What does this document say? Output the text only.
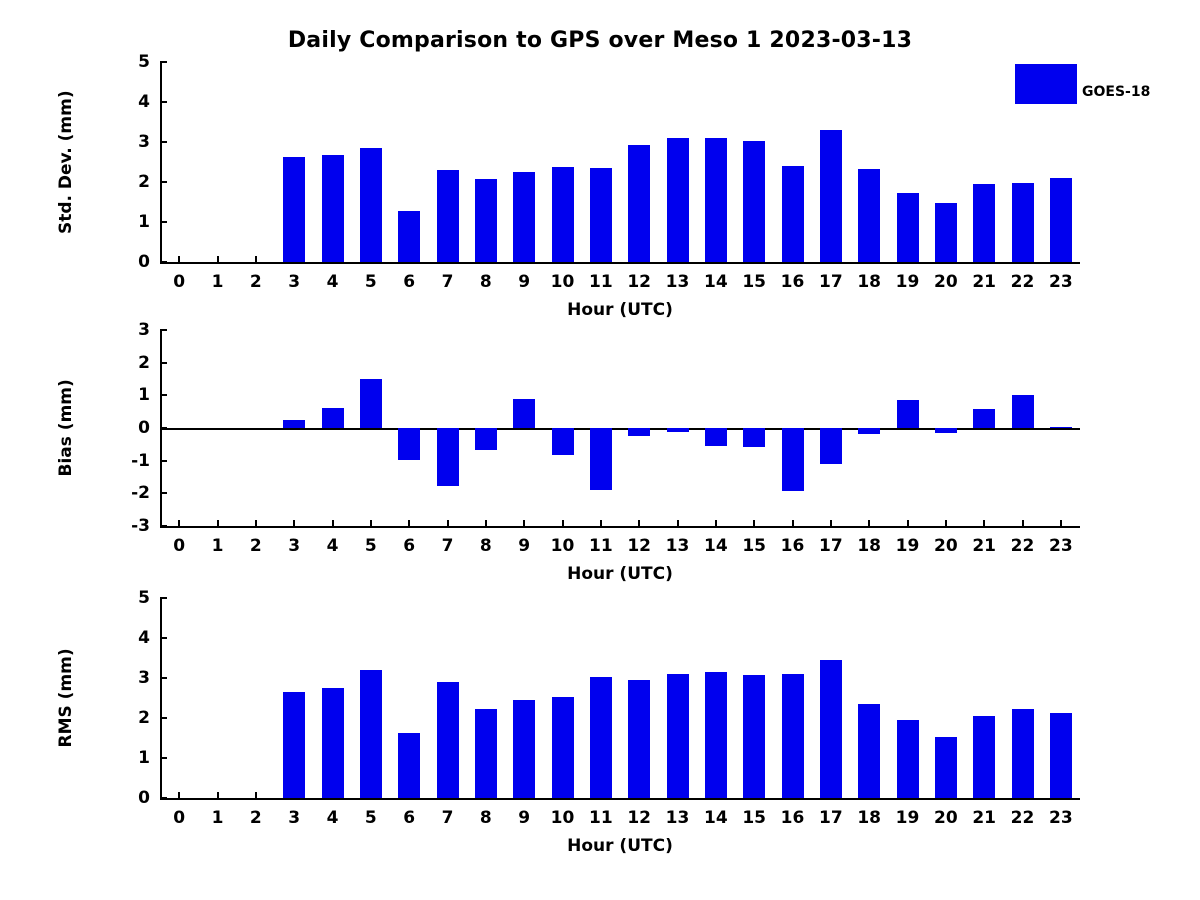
Daily Comparison to GPS over Meso 1 2023-03-13
0
1
2
3
4
5
0 1 2 3 4 5 6 7 8 9 10 11 12 13 14 15 16 17 18 19 20 21 22 23
Hour (UTC)
Std. Dev. (mm)
-3
-2
-1
0
1
2
3
0 1 2 3 4 5 6 7 8 9 10 11 12 13 14 15 16 17 18 19 20 21 22 23
Hour (UTC)
Bias (mm)
0
1
2
3
4
5
0 1 2 3 4 5 6 7 8 9 10 11 12 13 14 15 16 17 18 19 20 21 22 23
Hour (UTC)
RMS (mm)
GOES-18
